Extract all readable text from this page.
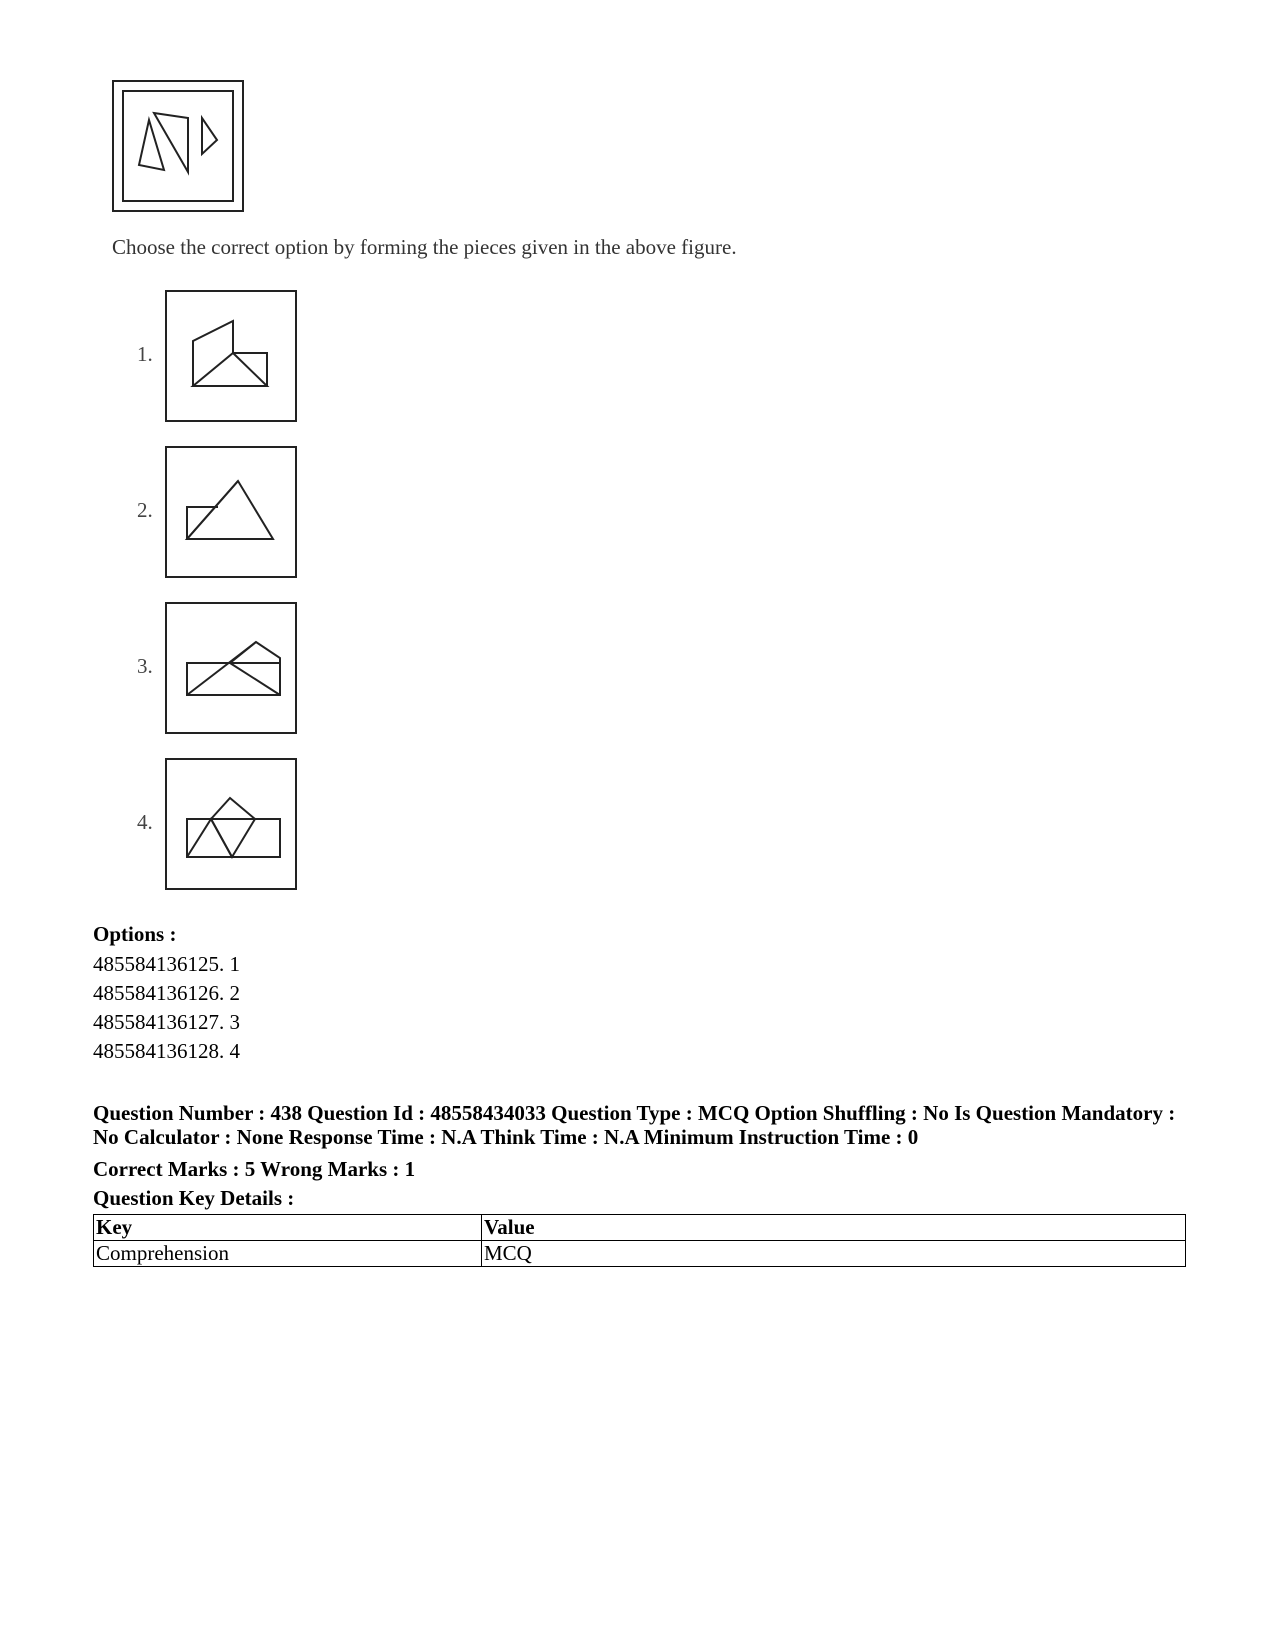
Choose the correct option by forming the pieces given in the above figure.
1.
2.
3.
4.
Options :
485584136125. 1
485584136126. 2
485584136127. 3
485584136128. 4
Question Number : 438 Question Id : 48558434033 Question Type : MCQ Option Shuffling : No Is Question Mandatory : No Calculator : None Response Time : N.A Think Time : N.A Minimum Instruction Time : 0
Correct Marks : 5 Wrong Marks : 1
Question Key Details :
Key	Value
Comprehension	MCQ
